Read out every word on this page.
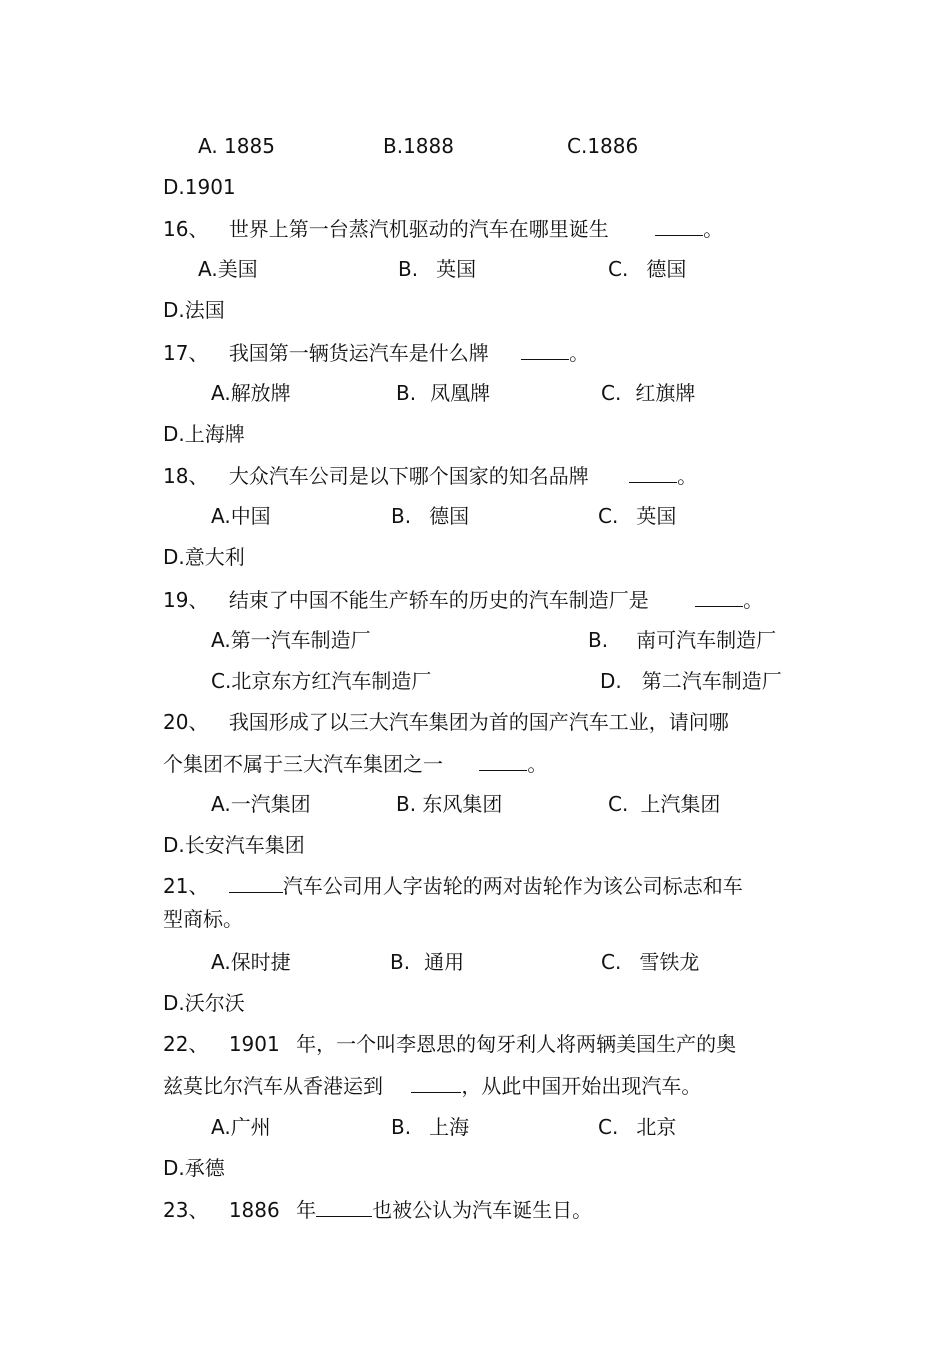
A. 1885	B.1888	C.1886
D.1901
16、 世界上第一台蒸汽机驱动的汽车在哪里诞生	。
A.美国	B. 英国	C. 德国
D.法国
17、 我国第一辆货运汽车是什么牌	。
A.解放牌	B. 凤凰牌	C. 红旗牌
D.上海牌
18、 大众汽车公司是以下哪个国家的知名品牌	。
A.中国	B. 德国	C. 英国
D.意大利
19、 结束了中国不能生产轿车的历史的汽车制造厂是	。
A.第一汽车制造厂	B. 南可汽车制造厂
C.北京东方红汽车制造厂	D. 第二汽车制造厂
20、 我国形成了以三大汽车集团为首的国产汽车工业，请问哪
个集团不属于三大汽车集团之一	。
A.一汽集团	B. 东风集团	C. 上汽集团
D.长安汽车集团
21、	汽车公司用人字齿轮的两对齿轮作为该公司标志和车
型商标。
A.保时捷	B. 通用	C. 雪铁龙
D.沃尔沃
22、 1901 年，一个叫李恩思的匈牙利人将两辆美国生产的奥
兹莫比尔汽车从香港运到	，从此中国开始出现汽车。
A.广州	B. 上海	C. 北京
D.承德
23、 1886 年	也被公认为汽车诞生日。
